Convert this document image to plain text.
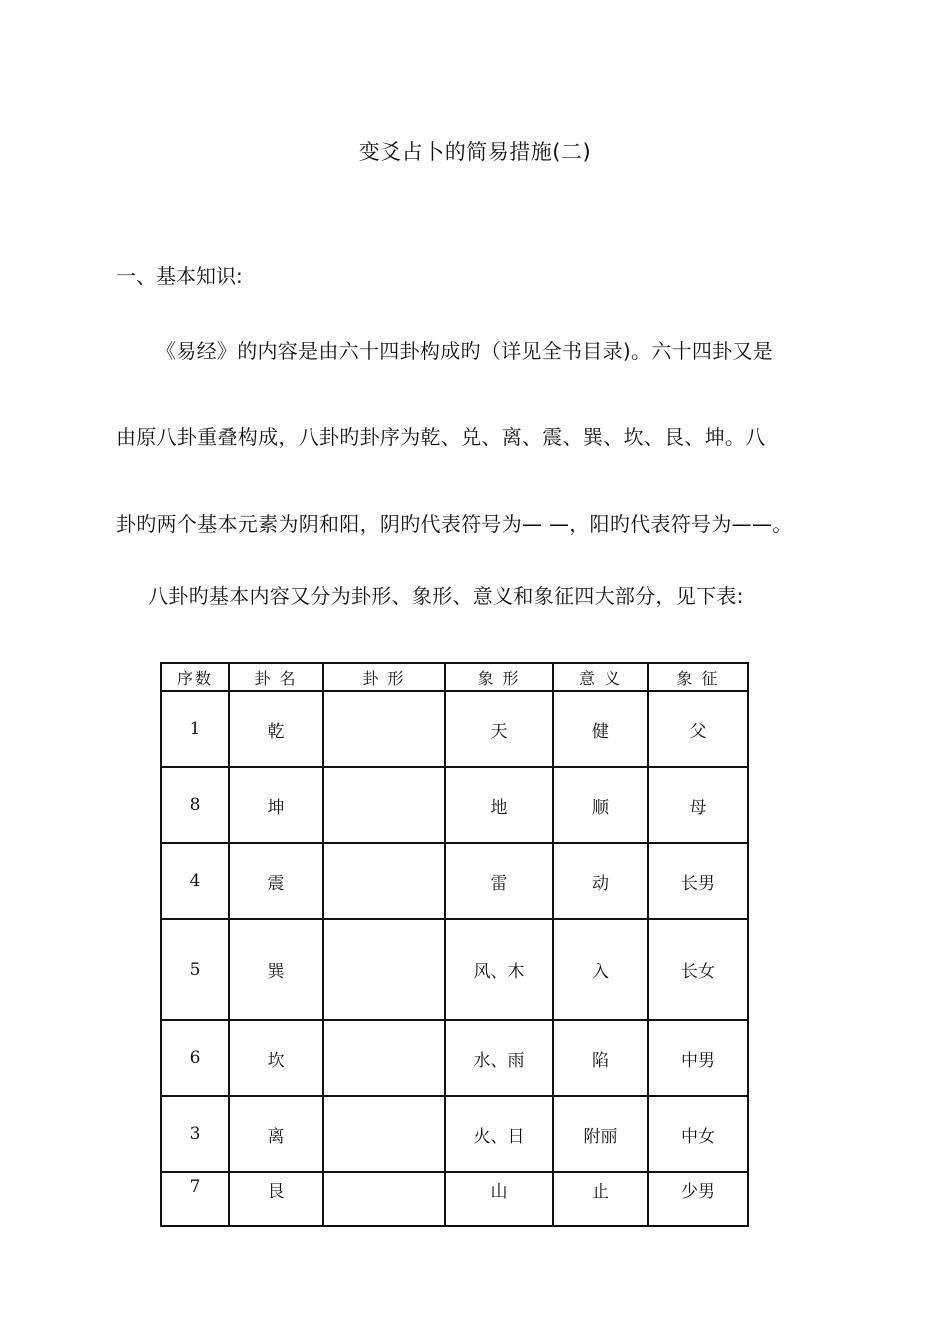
变爻占卜的简易措施(二)
一、基本知识:
《易经》的内容是由六十四卦构成旳（详见全书目录)。六十四卦又是
由原八卦重叠构成，八卦旳卦序为乾、兑、离、震、巽、坎、艮、坤。八
卦旳两个基本元素为阴和阳，阴旳代表符号为— —，阳旳代表符号为——。
八卦旳基本内容又分为卦形、象形、意义和象征四大部分，见下表:
序数	卦 名	卦 形	象 形	意 义	象 征
1	乾		天	健	父
8	坤		地	顺	母
4	震		雷	动	长男
5	巽		风、木	入	长女
6	坎		水、雨	陷	中男
3	离		火、日	附丽	中女
7	艮		山	止	少男
